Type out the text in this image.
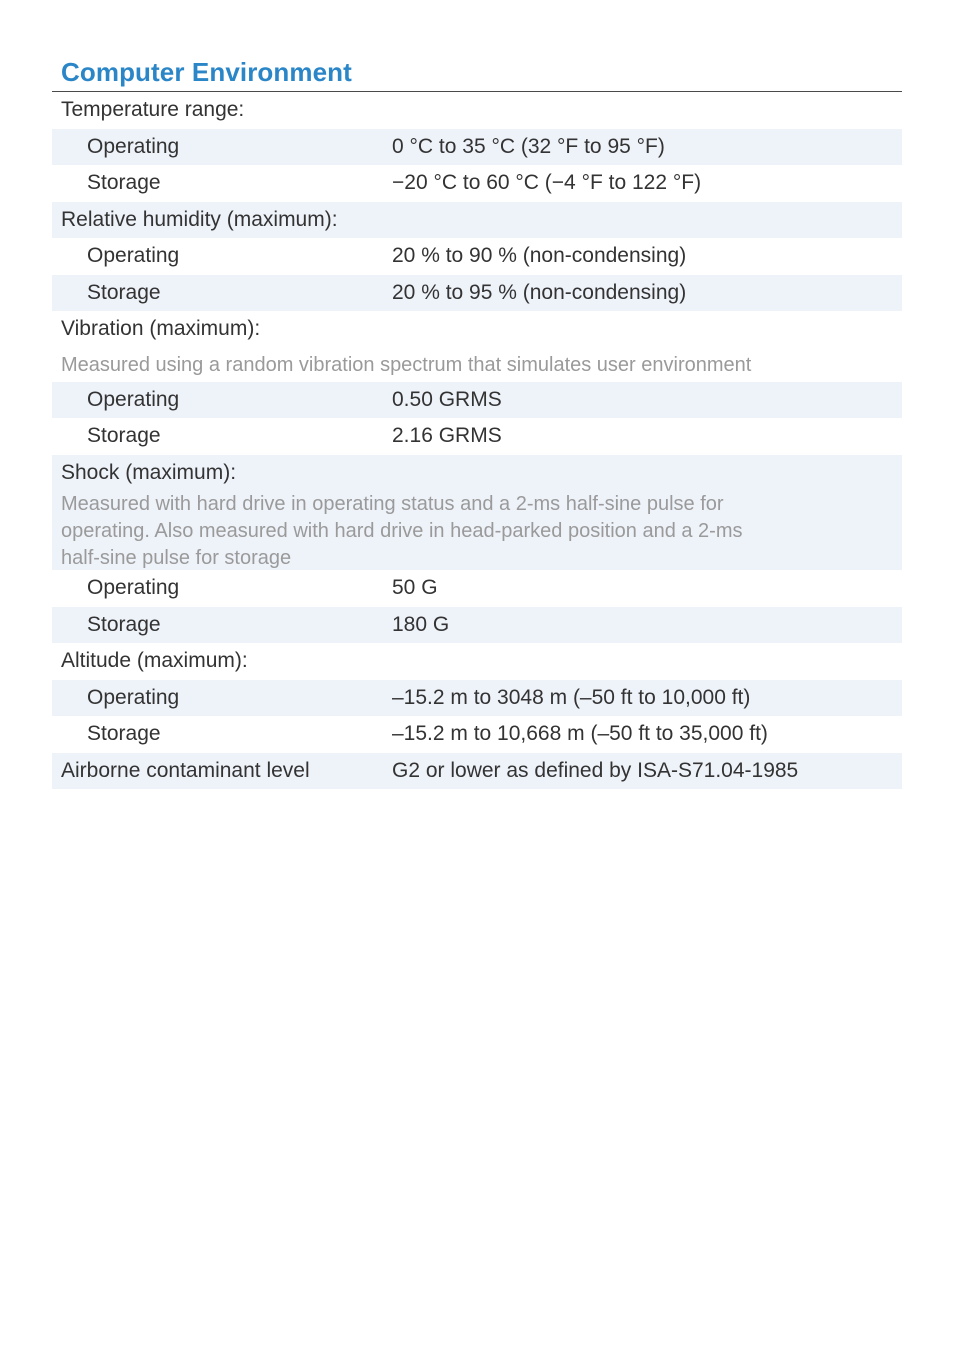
Computer Environment
Temperature range:
Operating	0 °C to 35 °C (32 °F to 95 °F)
Storage	−20 °C to 60 °C (−4 °F to 122 °F)
Relative humidity (maximum):
Operating	20 % to 90 % (non-condensing)
Storage	20 % to 95 % (non-condensing)
Vibration (maximum):
Measured using a random vibration spectrum that simulates user environment
Operating	0.50 GRMS
Storage	2.16 GRMS
Shock (maximum):
Measured with hard drive in operating status and a 2-ms half-sine pulse for
operating. Also measured with hard drive in head-parked position and a 2-ms
half-sine pulse for storage
Operating	50 G
Storage	180 G
Altitude (maximum):
Operating	–15.2 m to 3048 m (–50 ft to 10,000 ft)
Storage	–15.2 m to 10,668 m (–50 ft to 35,000 ft)
Airborne contaminant level	G2 or lower as defined by ISA-S71.04-1985
